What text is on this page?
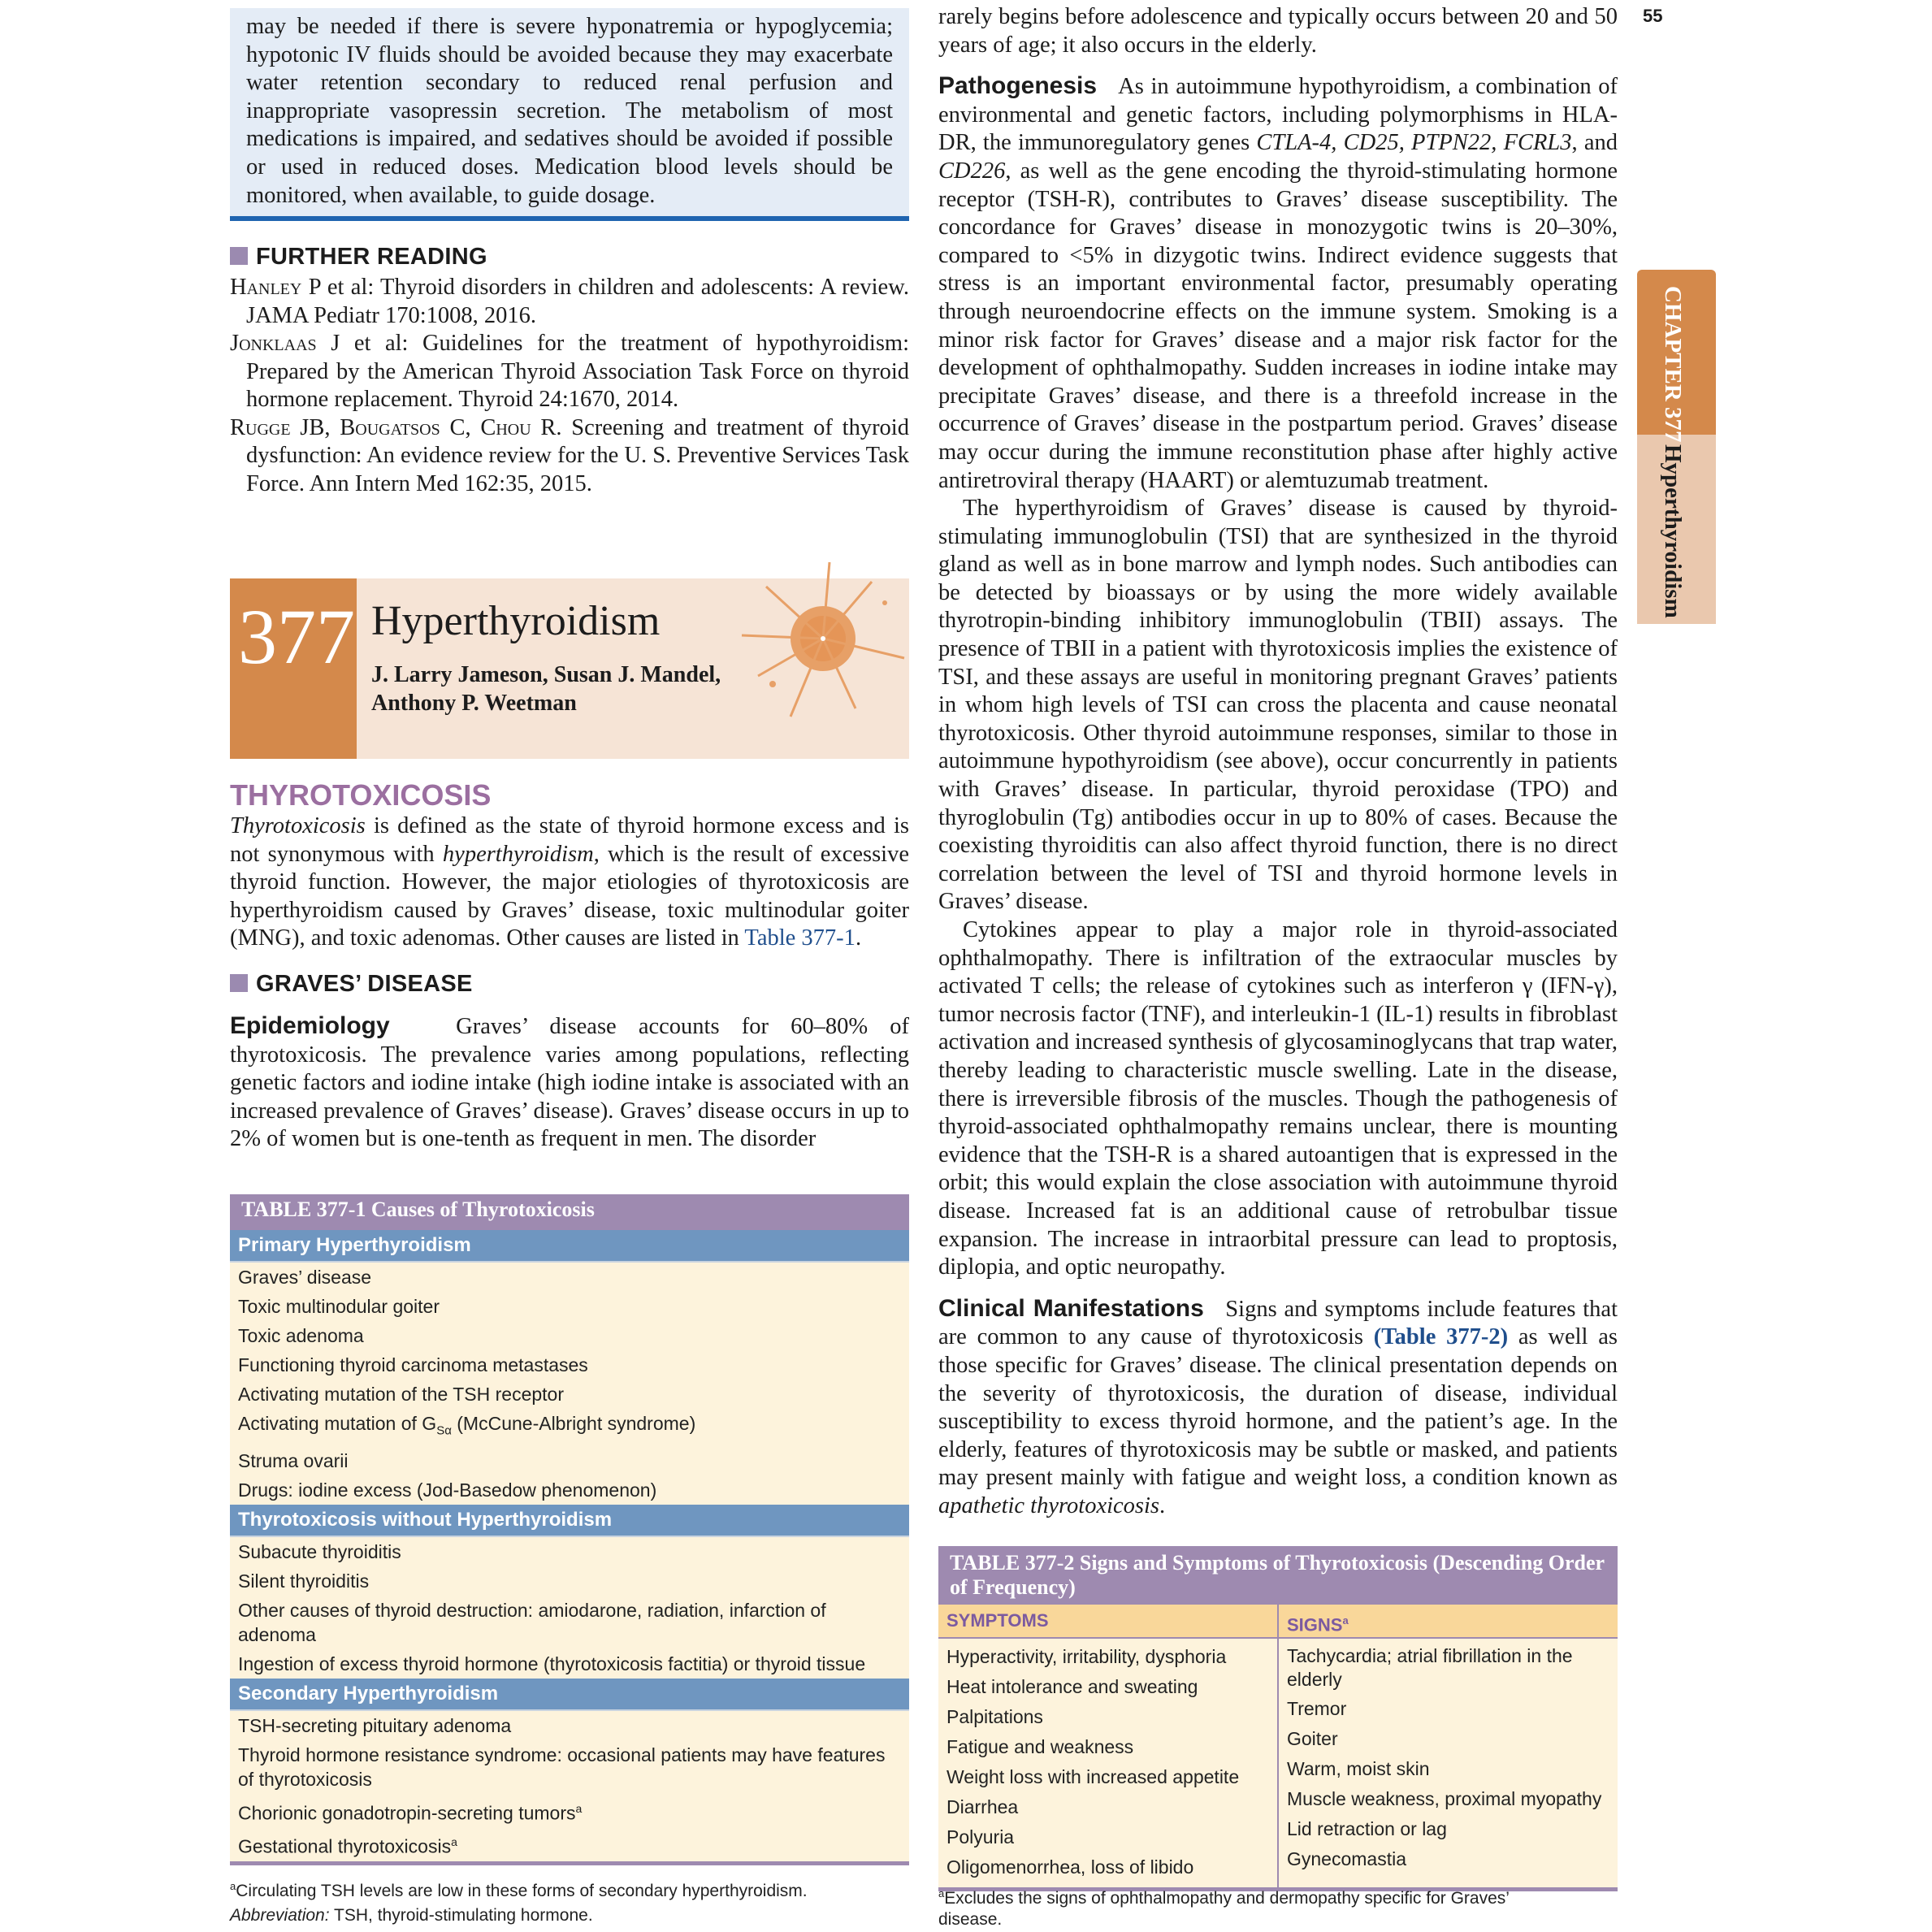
may be needed if there is severe hyponatremia or hypoglycemia; hypotonic IV fluids should be avoided because they may exacerbate water retention secondary to reduced renal perfusion and inappropriate vasopressin secretion. The metabolism of most medications is impaired, and sedatives should be avoided if possible or used in reduced doses. Medication blood levels should be monitored, when available, to guide dosage.

FURTHER READING

Hanley P et al: Thyroid disorders in children and adolescents: A review. JAMA Pediatr 170:1008, 2016.

Jonklaas J et al: Guidelines for the treatment of hypothyroidism: Prepared by the American Thyroid Association Task Force on thyroid hormone replacement. Thyroid 24:1670, 2014.

Rugge JB, Bougatsos C, Chou R. Screening and treatment of thyroid dysfunction: An evidence review for the U. S. Preventive Services Task Force. Ann Intern Med 162:35, 2015.

377 Hyperthyroidism
J. Larry Jameson, Susan J. Mandel,
Anthony P. Weetman
THYROTOXICOSIS

Thyrotoxicosis is defined as the state of thyroid hormone excess and is not synonymous with hyperthyroidism, which is the result of excessive thyroid function. However, the major etiologies of thyrotoxicosis are hyperthyroidism caused by Graves’ disease, toxic multinodular goiter (MNG), and toxic adenomas. Other causes are listed in Table 377-1.

GRAVES’ DISEASE

Epidemiology	Graves’ disease accounts for 60–80% of thyrotoxicosis. The prevalence varies among populations, reflecting genetic factors and iodine intake (high iodine intake is associated with an increased prevalence of Graves’ disease). Graves’ disease occurs in up to 2% of women but is one-tenth as frequent in men. The disorder

TABLE 377-1 Causes of Thyrotoxicosis
Primary Hyperthyroidism
Graves’ disease
Toxic multinodular goiter
Toxic adenoma
Functioning thyroid carcinoma metastases
Activating mutation of the TSH receptor
Activating mutation of $G_{S\alpha}$ (McCune-Albright syndrome)
Struma ovarii
Drugs: iodine excess (Jod-Basedow phenomenon)
Thyrotoxicosis without Hyperthyroidism
Subacute thyroiditis
Silent thyroiditis
Other causes of thyroid destruction: amiodarone, radiation, infarction of adenoma
Ingestion of excess thyroid hormone (thyrotoxicosis factitia) or thyroid tissue
Secondary Hyperthyroidism
TSH-secreting pituitary adenoma
Thyroid hormone resistance syndrome: occasional patients may have features of thyrotoxicosis
Chorionic gonadotropin-secreting tumors$^a$
Gestational thyrotoxicosis$^a$
$^a$Circulating TSH levels are low in these forms of secondary hyperthyroidism.
Abbreviation: TSH, thyroid-stimulating hormone.

rarely begins before adolescence and typically occurs between 20 and 50 years of age; it also occurs in the elderly.

Pathogenesis As in autoimmune hypothyroidism, a combination of environmental and genetic factors, including polymorphisms in HLA-DR, the immunoregulatory genes CTLA-4, CD25, PTPN22, FCRL3, and CD226, as well as the gene encoding the thyroid-stimulating hormone receptor (TSH-R), contributes to Graves’ disease susceptibility. The concordance for Graves’ disease in monozygotic twins is 20–30%, compared to <5% in dizygotic twins. Indirect evidence suggests that stress is an important environmental factor, presumably operating through neuroendocrine effects on the immune system. Smoking is a minor risk factor for Graves’ disease and a major risk factor for the development of ophthalmopathy. Sudden increases in iodine intake may precipitate Graves’ disease, and there is a threefold increase in the occurrence of Graves’ disease in the postpartum period. Graves’ disease may occur during the immune reconstitution phase after highly active antiretroviral therapy (HAART) or alemtuzumab treatment.

The hyperthyroidism of Graves’ disease is caused by thyroid-stimulating immunoglobulin (TSI) that are synthesized in the thyroid gland as well as in bone marrow and lymph nodes. Such antibodies can be detected by bioassays or by using the more widely available thyrotropin-binding inhibitory immunoglobulin (TBII) assays. The presence of TBII in a patient with thyrotoxicosis implies the existence of TSI, and these assays are useful in monitoring pregnant Graves’ patients in whom high levels of TSI can cross the placenta and cause neonatal thyrotoxicosis. Other thyroid autoimmune responses, similar to those in autoimmune hypothyroidism (see above), occur concurrently in patients with Graves’ disease. In particular, thyroid peroxidase (TPO) and thyroglobulin (Tg) antibodies occur in up to 80% of cases. Because the coexisting thyroiditis can also affect thyroid function, there is no direct correlation between the level of TSI and thyroid hormone levels in Graves’ disease.

Cytokines appear to play a major role in thyroid-associated ophthalmopathy. There is infiltration of the extraocular muscles by activated T cells; the release of cytokines such as interferon γ (IFN-γ), tumor necrosis factor (TNF), and interleukin-1 (IL-1) results in fibroblast activation and increased synthesis of glycosaminoglycans that trap water, thereby leading to characteristic muscle swelling. Late in the disease, there is irreversible fibrosis of the muscles. Though the pathogenesis of thyroid-associated ophthalmopathy remains unclear, there is mounting evidence that the TSH-R is a shared autoantigen that is expressed in the orbit; this would explain the close association with autoimmune thyroid disease. Increased fat is an additional cause of retrobulbar tissue expansion. The increase in intraorbital pressure can lead to proptosis, diplopia, and optic neuropathy.

Clinical Manifestations Signs and symptoms include features that are common to any cause of thyrotoxicosis (Table 377-2) as well as those specific for Graves’ disease. The clinical presentation depends on the severity of thyrotoxicosis, the duration of disease, individual susceptibility to excess thyroid hormone, and the patient’s age. In the elderly, features of thyrotoxicosis may be subtle or masked, and patients may present mainly with fatigue and weight loss, a condition known as apathetic thyrotoxicosis.

TABLE 377-2 Signs and Symptoms of Thyrotoxicosis (Descending Order of Frequency)
SYMPTOMS	SIGNS$^a$
Hyperactivity, irritability, dysphoria
Heat intolerance and sweating
Palpitations
Fatigue and weakness
Weight loss with increased appetite
Diarrhea
Polyuria
Oligomenorrhea, loss of libido
Tachycardia; atrial fibrillation in the elderly
Tremor
Goiter
Warm, moist skin
Muscle weakness, proximal myopathy
Lid retraction or lag
Gynecomastia
$^a$Excludes the signs of ophthalmopathy and dermopathy specific for Graves’ disease.
55
CHAPTER 377
Hyperthyroidism
